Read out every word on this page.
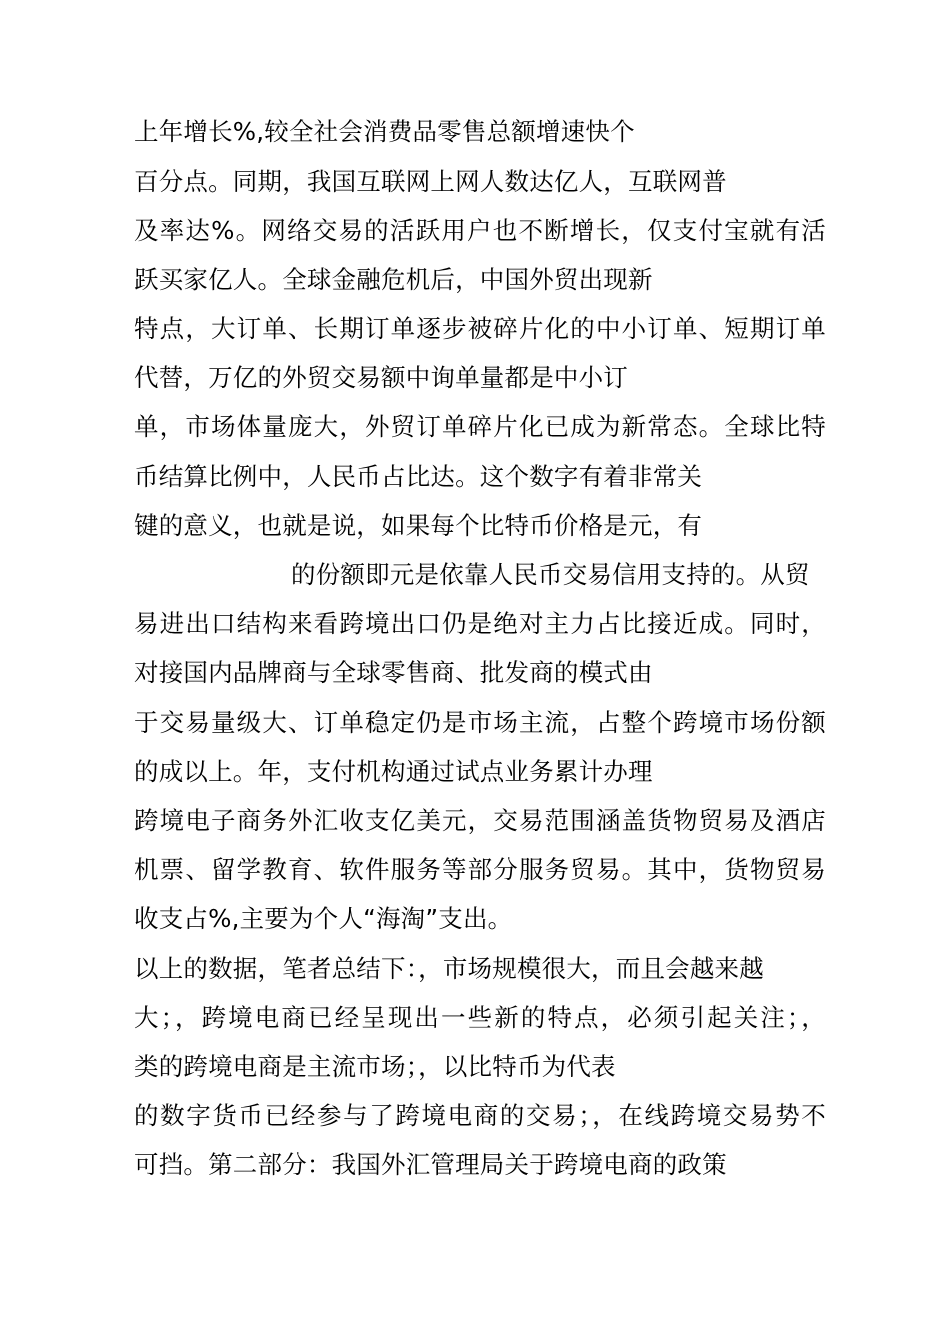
上年增长%,较全社会消费品零售总额增速快个
百分点。同期，我国互联网上网人数达亿人，互联网普
及率达%。网络交易的活跃用户也不断增长，仅支付宝就有活
跃买家亿人。全球金融危机后，中国外贸出现新
特点，大订单、长期订单逐步被碎片化的中小订单、短期订单
代替，万亿的外贸交易额中询单量都是中小订
单，市场体量庞大，外贸订单碎片化已成为新常态。全球比特
币结算比例中，人民币占比达。这个数字有着非常关
键的意义，也就是说，如果每个比特币价格是元，有
的份额即元是依靠人民币交易信用支持的。从贸
易进出口结构来看跨境出口仍是绝对主力占比接近成。同时，
对接国内品牌商与全球零售商、批发商的模式由
于交易量级大、订单稳定仍是市场主流，占整个跨境市场份额
的成以上。年，支付机构通过试点业务累计办理
跨境电子商务外汇收支亿美元，交易范围涵盖货物贸易及酒店
机票、留学教育、软件服务等部分服务贸易。其中，货物贸易
收支占%,主要为个人“海淘”支出。
以上的数据，笔者总结下：，市场规模很大，而且会越来越
大；，跨境电商已经呈现出一些新的特点，必须引起关注；，
类的跨境电商是主流市场；，以比特币为代表
的数字货币已经参与了跨境电商的交易；，在线跨境交易势不
可挡。第二部分：我国外汇管理局关于跨境电商的政策
